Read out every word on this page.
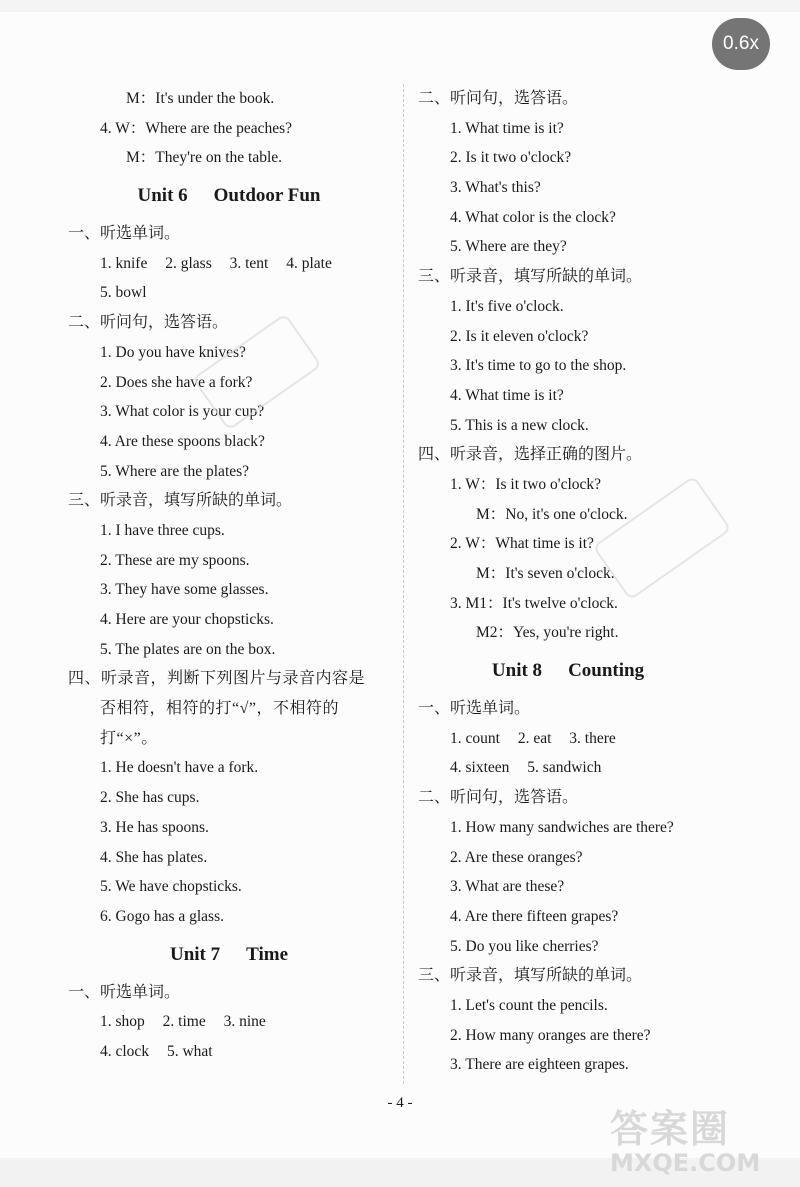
0.6x
M：It's under the book.
4. W：Where are the peaches?
M：They're on the table.
Unit 6 Outdoor Fun
一、听选单词。
1. knife 2. glass 3. tent 4. plate
5. bowl
二、听问句，选答语。
1. Do you have knives?
2. Does she have a fork?
3. What color is your cup?
4. Are these spoons black?
5. Where are the plates?
三、听录音，填写所缺的单词。
1. I have three cups.
2. These are my spoons.
3. They have some glasses.
4. Here are your chopsticks.
5. The plates are on the box.
四、听录音，判断下列图片与录音内容是
否相符，相符的打“√”，不相符的
打“×”。
1. He doesn't have a fork.
2. She has cups.
3. He has spoons.
4. She has plates.
5. We have chopsticks.
6. Gogo has a glass.
Unit 7 Time
一、听选单词。
1. shop 2. time 3. nine
4. clock 5. what
二、听问句，选答语。
1. What time is it?
2. Is it two o'clock?
3. What's this?
4. What color is the clock?
5. Where are they?
三、听录音，填写所缺的单词。
1. It's five o'clock.
2. Is it eleven o'clock?
3. It's time to go to the shop.
4. What time is it?
5. This is a new clock.
四、听录音，选择正确的图片。
1. W：Is it two o'clock?
M：No, it's one o'clock.
2. W：What time is it?
M：It's seven o'clock.
3. M1：It's twelve o'clock.
M2：Yes, you're right.
Unit 8 Counting
一、听选单词。
1. count 2. eat 3. there
4. sixteen 5. sandwich
二、听问句，选答语。
1. How many sandwiches are there?
2. Are these oranges?
3. What are these?
4. Are there fifteen grapes?
5. Do you like cherries?
三、听录音，填写所缺的单词。
1. Let's count the pencils.
2. How many oranges are there?
3. There are eighteen grapes.
- 4 -
答案圈
MXQE.COM
